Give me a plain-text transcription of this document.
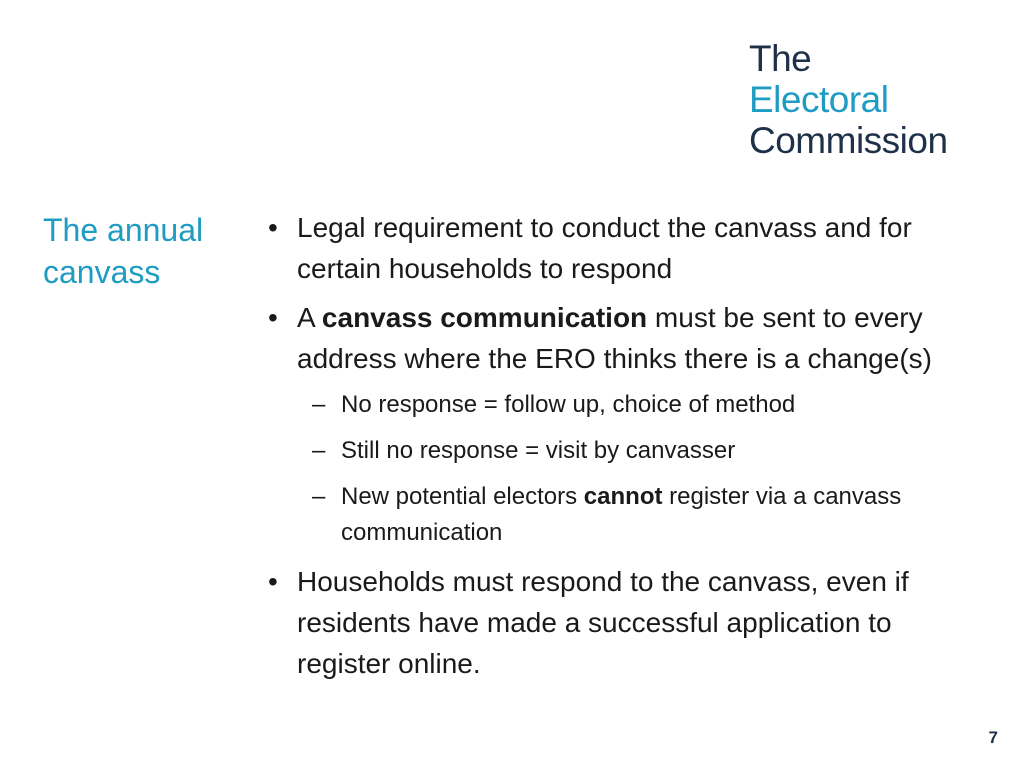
The
Electoral
Commission
The annual canvass
• Legal requirement to conduct the canvass and for certain households to respond
• A canvass communication must be sent to every address where the ERO thinks there is a change(s)
– No response = follow up, choice of method
– Still no response = visit by canvasser
– New potential electors cannot register via a canvass communication
• Households must respond to the canvass, even if residents have made a successful application to register online.
7
